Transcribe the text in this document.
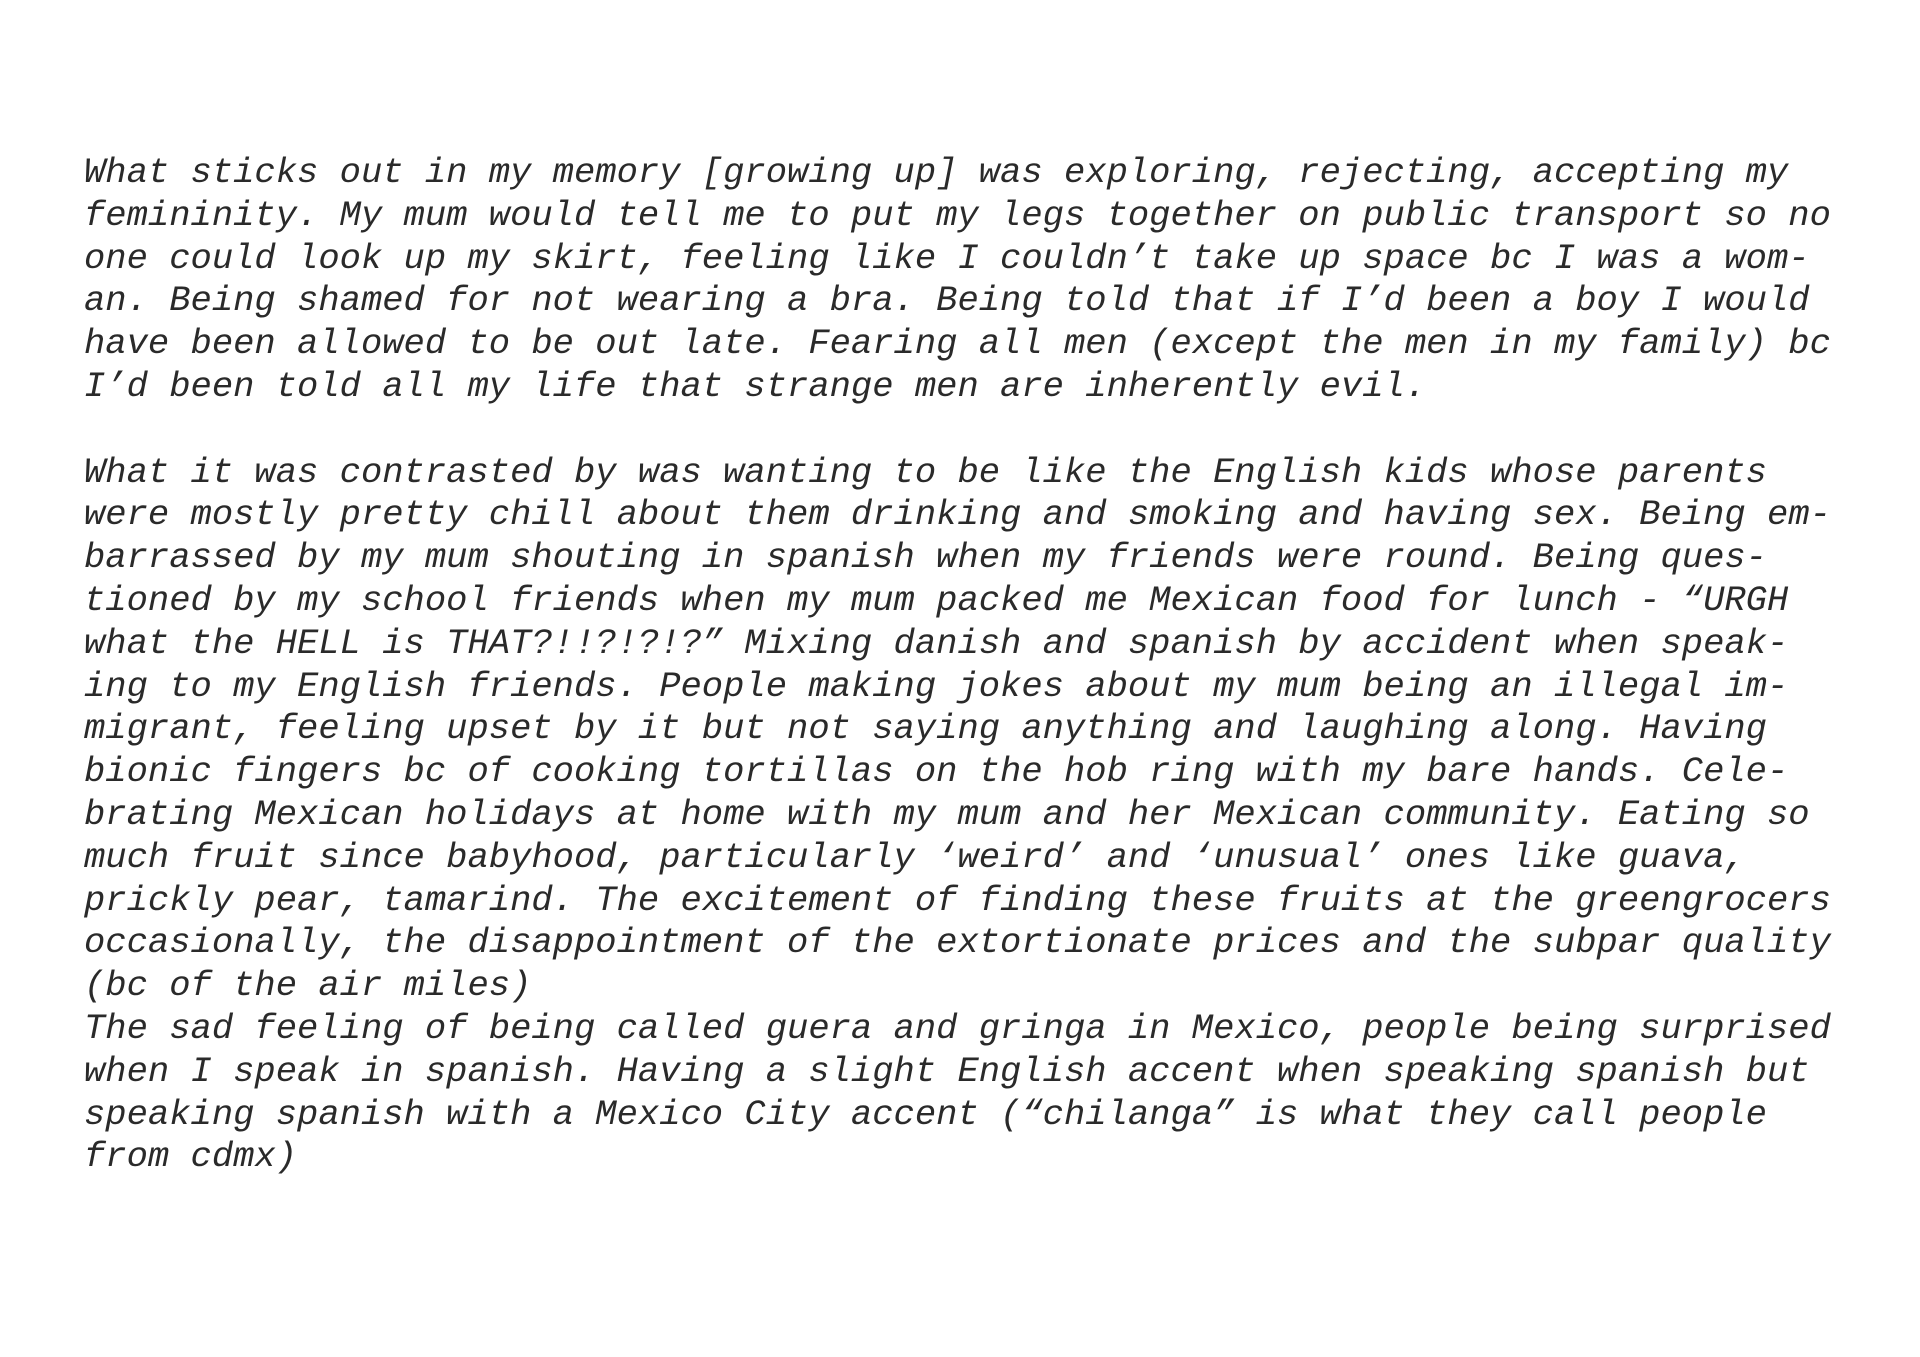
What sticks out in my memory [growing up] was exploring, rejecting, accepting my
femininity. My mum would tell me to put my legs together on public transport so no
one could look up my skirt, feeling like I couldn’t take up space bc I was a wom-
an. Being shamed for not wearing a bra. Being told that if I’d been a boy I would
have been allowed to be out late. Fearing all men (except the men in my family) bc
I’d been told all my life that strange men are inherently evil.
What it was contrasted by was wanting to be like the English kids whose parents
were mostly pretty chill about them drinking and smoking and having sex. Being em-
barrassed by my mum shouting in spanish when my friends were round. Being ques-
tioned by my school friends when my mum packed me Mexican food for lunch - “URGH
what the HELL is THAT?!!?!?!?” Mixing danish and spanish by accident when speak-
ing to my English friends. People making jokes about my mum being an illegal im-
migrant, feeling upset by it but not saying anything and laughing along. Having
bionic fingers bc of cooking tortillas on the hob ring with my bare hands. Cele-
brating Mexican holidays at home with my mum and her Mexican community. Eating so
much fruit since babyhood, particularly ‘weird’ and ‘unusual’ ones like guava,
prickly pear, tamarind. The excitement of finding these fruits at the greengrocers
occasionally, the disappointment of the extortionate prices and the subpar quality
(bc of the air miles)
The sad feeling of being called guera and gringa in Mexico, people being surprised
when I speak in spanish. Having a slight English accent when speaking spanish but
speaking spanish with a Mexico City accent (“chilanga” is what they call people
from cdmx)
